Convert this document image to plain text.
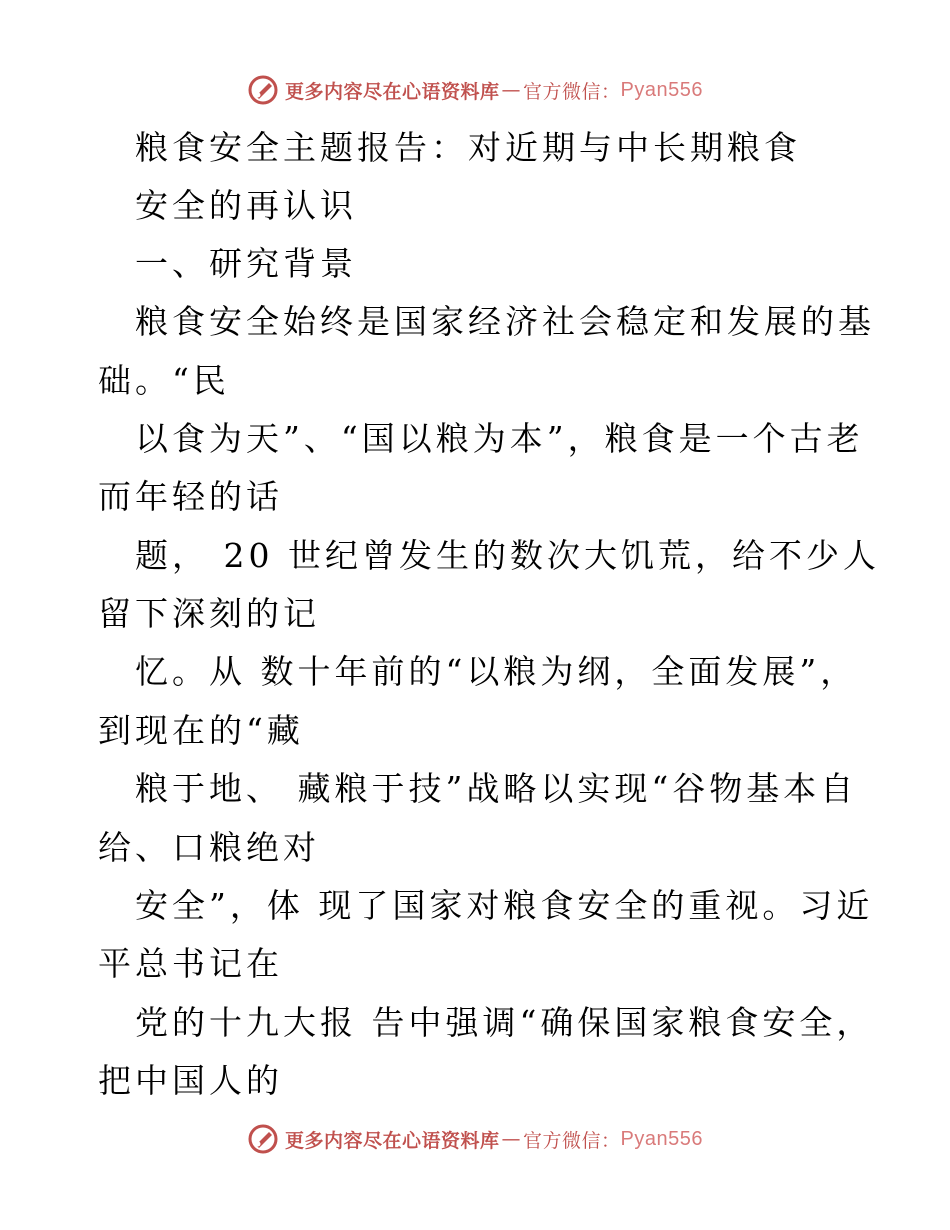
更多内容尽在心语资料库 — 官方微信： Pyan556
粮食安全主题报告：对近期与中长期粮食
安全的再认识
一、研究背景
粮食安全始终是国家经济社会稳定和发展的基
础。“民
以食为天”、“国以粮为本”，粮食是一个古老
而年轻的话
题， 20 世纪曾发生的数次大饥荒，给不少人
留下深刻的记
忆。从 数十年前的“以粮为纲，全面发展”，
到现在的“藏
粮于地、 藏粮于技”战略以实现“谷物基本自
给、口粮绝对
安全”，体 现了国家对粮食安全的重视。习近
平总书记在
党的十九大报 告中强调“确保国家粮食安全，
把中国人的
更多内容尽在心语资料库 — 官方微信： Pyan556
